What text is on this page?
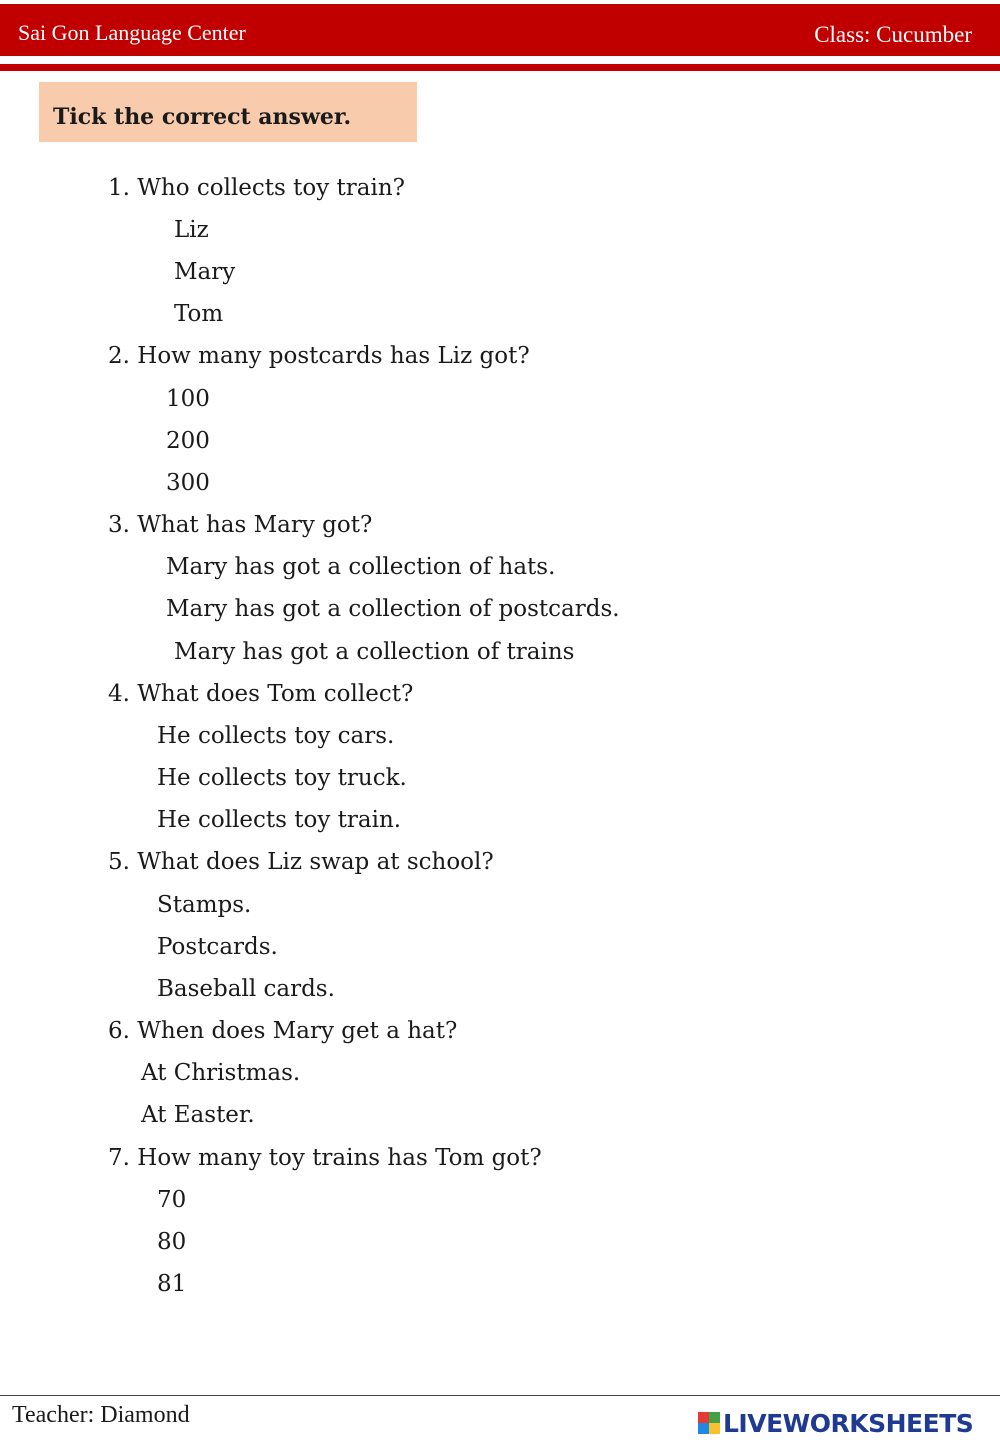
Sai Gon Language Center	Class: Cucumber
Tick the correct answer.
1. Who collects toy train?
Liz
Mary
Tom
2. How many postcards has Liz got?
100
200
300
3. What has Mary got?
Mary has got a collection of hats.
Mary has got a collection of postcards.
Mary has got a collection of trains
4. What does Tom collect?
He collects toy cars.
He collects toy truck.
He collects toy train.
5. What does Liz swap at school?
Stamps.
Postcards.
Baseball cards.
6. When does Mary get a hat?
At Christmas.
At Easter.
7. How many toy trains has Tom got?
70
80
81
Teacher: Diamond	LIVEWORKSHEETS
